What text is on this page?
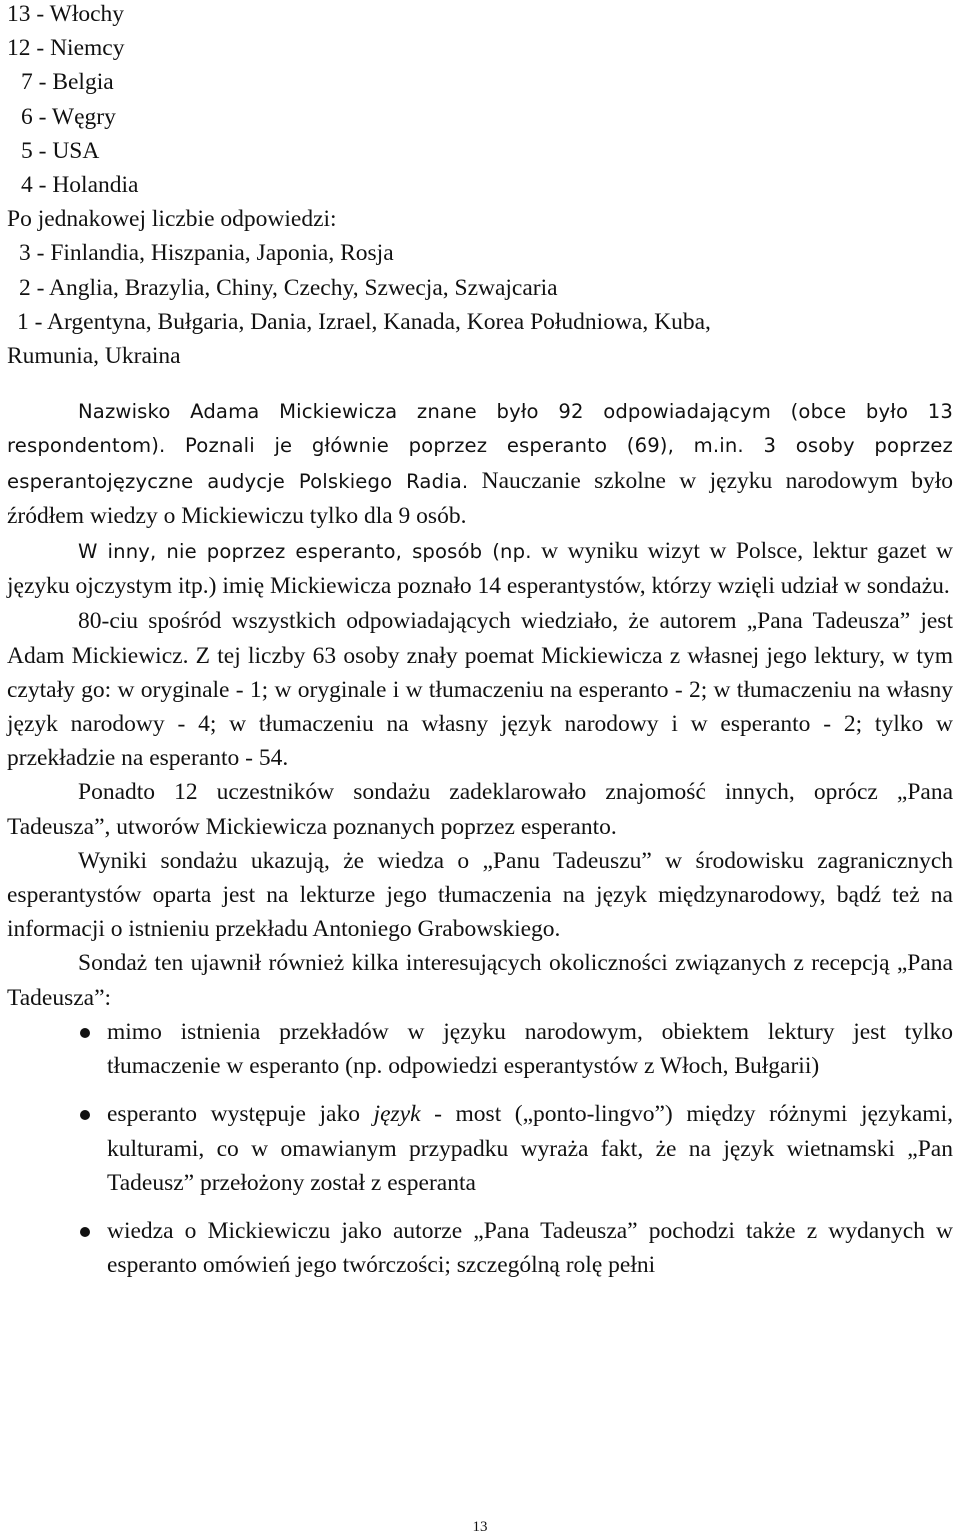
13 - Włochy
12 - Niemcy
7 - Belgia
6 - Węgry
5 - USA
4 - Holandia
Po jednakowej liczbie odpowiedzi:
3 - Finlandia, Hiszpania, Japonia, Rosja
2 - Anglia, Brazylia, Chiny, Czechy, Szwecja, Szwajcaria
1 - Argentyna, Bułgaria, Dania, Izrael, Kanada, Korea Południowa, Kuba,
Rumunia, Ukraina

Nazwisko Adama Mickiewicza znane było 92 odpowiadającym (obce było 13 respondentom). Poznali je głównie poprzez esperanto (69), m.in. 3 osoby poprzez esperantojęzyczne audycje Polskiego Radia. Nauczanie szkolne w języku narodowym było źródłem wiedzy o Mickiewiczu tylko dla 9 osób.

W inny, nie poprzez esperanto, sposób (np. w wyniku wizyt w Polsce, lektur gazet w języku ojczystym itp.) imię Mickiewicza poznało 14 esperantystów, którzy wzięli udział w sondażu.

80-ciu spośród wszystkich odpowiadających wiedziało, że autorem „Pana Tadeusza” jest Adam Mickiewicz. Z tej liczby 63 osoby znały poemat Mickiewicza z własnej jego lektury, w tym czytały go: w oryginale - 1; w oryginale i w tłumaczeniu na esperanto - 2; w tłumaczeniu na własny język narodowy - 4; w tłumaczeniu na własny język narodowy i w esperanto - 2; tylko w przekładzie na esperanto - 54.

Ponadto 12 uczestników sondażu zadeklarowało znajomość innych, oprócz „Pana Tadeusza”, utworów Mickiewicza poznanych poprzez esperanto.

Wyniki sondażu ukazują, że wiedza o „Panu Tadeuszu” w środowisku zagranicznych esperantystów oparta jest na lekturze jego tłumaczenia na język międzynarodowy, bądź też na informacji o istnieniu przekładu Antoniego Grabowskiego.

Sondaż ten ujawnił również kilka interesujących okoliczności związanych z recepcją „Pana Tadeusza”:

mimo istnienia przekładów w języku narodowym, obiektem lektury jest tylko tłumaczenie w esperanto (np. odpowiedzi esperantystów z Włoch, Bułgarii)
esperanto występuje jako język - most („ponto-lingvo”) między różnymi językami, kulturami, co w omawianym przypadku wyraża fakt, że na język wietnamski „Pan Tadeusz” przełożony został z esperanta
wiedza o Mickiewiczu jako autorze „Pana Tadeusza” pochodzi także z wydanych w esperanto omówień jego twórczości; szczególną rolę pełni
13
